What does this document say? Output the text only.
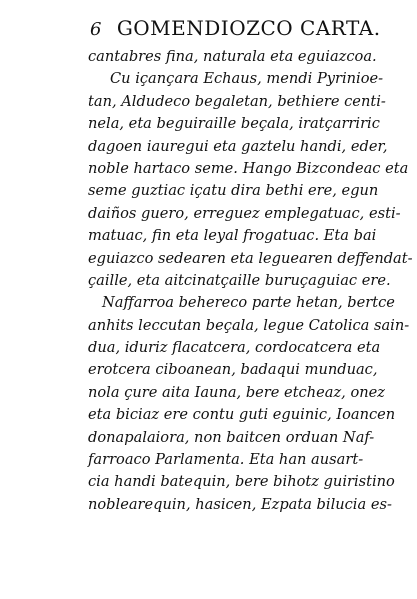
6 GOMENDIOZCO CARTA.
cantabres fina, naturala eta eguiazcoa.
Cu içançara Echaus, mendi Pyrinioe-
tan, Aldudeco begaletan, bethiere centi-
nela, eta beguiraille beçala, iratçarriric
dagoen iauregui eta gaztelu handi, eder,
noble hartaco seme. Hango Bizcondeac eta
seme guztiac içatu dira bethi ere, egun
daiños guero, erreguez emplegatuac, esti-
matuac, fin eta leyal frogatuac. Eta bai
eguiazco sedearen eta leguearen deffendat-
çaille, eta aitcinatçaille buruçaguiac ere.
Naffarroa behereco parte hetan, bertce
anhits leccutan beçala, legue Catolica sain-
dua, iduriz flacatcera, cordocatcera eta
erotcera ciboanean, badaqui munduac,
nola çure aita Iauna, bere etcheaz, onez
eta biciaz ere contu guti eguinic, Ioancen
donapalaiora, non baitcen orduan Naf-
farroaco Parlamenta. Eta han ausart-
cia handi batequin, bere bihotz guiristino
noblearequin, hasicen, Ezpata bilucia es-
